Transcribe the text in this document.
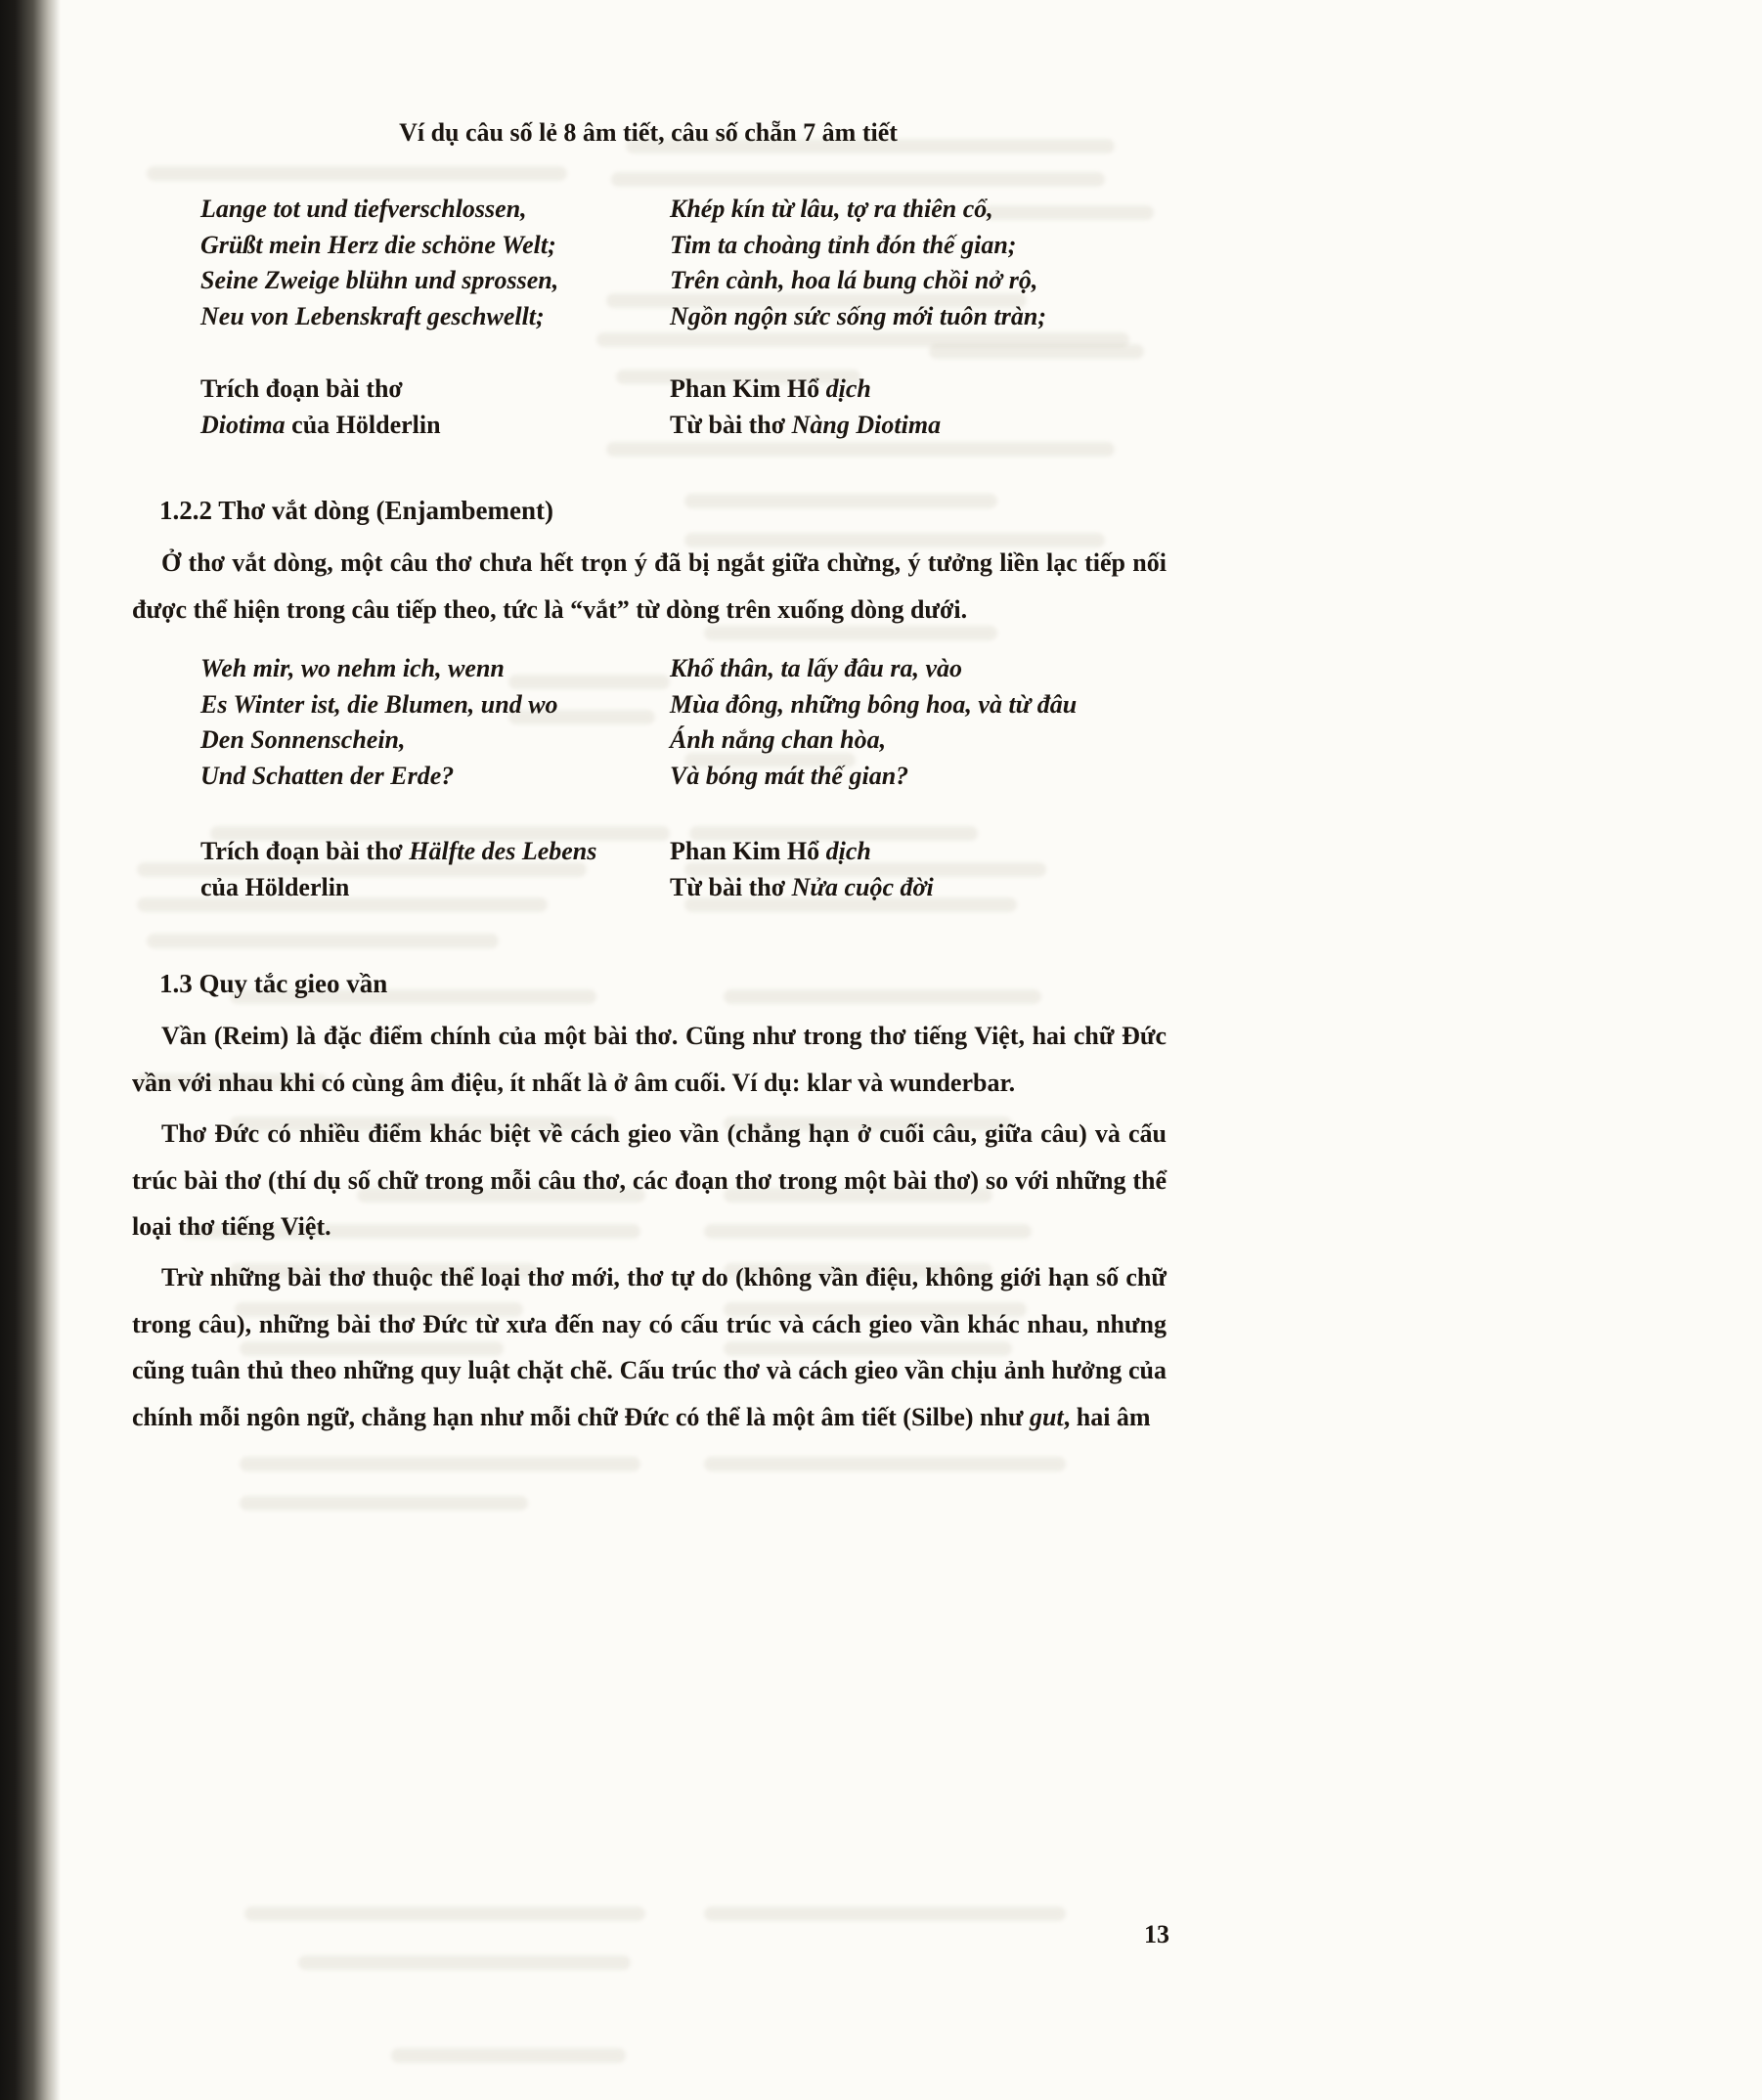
Ví dụ câu số lẻ 8 âm tiết, câu số chẵn 7 âm tiết
Lange tot und tiefverschlossen,
Grüßt mein Herz die schöne Welt;
Seine Zweige blühn und sprossen,
Neu von Lebenskraft geschwellt;
Khép kín từ lâu, tợ ra thiên cổ,
Tim ta choàng tỉnh đón thế gian;
Trên cành, hoa lá bung chồi nở rộ,
Ngồn ngộn sức sống mới tuôn tràn;
Trích đoạn bài thơ
Diotima của Hölderlin
Phan Kim Hổ dịch
Từ bài thơ Nàng Diotima
1.2.2 Thơ vắt dòng (Enjambement)

Ở thơ vắt dòng, một câu thơ chưa hết trọn ý đã bị ngắt giữa chừng, ý tưởng liền lạc tiếp nối được thể hiện trong câu tiếp theo, tức là “vắt” từ dòng trên xuống dòng dưới.

Weh mir, wo nehm ich, wenn
Es Winter ist, die Blumen, und wo
Den Sonnenschein,
Und Schatten der Erde?
Khổ thân, ta lấy đâu ra, vào
Mùa đông, những bông hoa, và từ đâu
Ánh nắng chan hòa,
Và bóng mát thế gian?
Trích đoạn bài thơ Hälfte des Lebens
của Hölderlin
Phan Kim Hổ dịch
Từ bài thơ Nửa cuộc đời
1.3 Quy tắc gieo vần

Vần (Reim) là đặc điểm chính của một bài thơ. Cũng như trong thơ tiếng Việt, hai chữ Đức vần với nhau khi có cùng âm điệu, ít nhất là ở âm cuối. Ví dụ: klar và wunderbar.

Thơ Đức có nhiều điểm khác biệt về cách gieo vần (chẳng hạn ở cuối câu, giữa câu) và cấu trúc bài thơ (thí dụ số chữ trong mỗi câu thơ, các đoạn thơ trong một bài thơ) so với những thể loại thơ tiếng Việt.

Trừ những bài thơ thuộc thể loại thơ mới, thơ tự do (không vần điệu, không giới hạn số chữ trong câu), những bài thơ Đức từ xưa đến nay có cấu trúc và cách gieo vần khác nhau, nhưng cũng tuân thủ theo những quy luật chặt chẽ. Cấu trúc thơ và cách gieo vần chịu ảnh hưởng của chính mỗi ngôn ngữ, chẳng hạn như mỗi chữ Đức có thể là một âm tiết (Silbe) như gut, hai âm

13
